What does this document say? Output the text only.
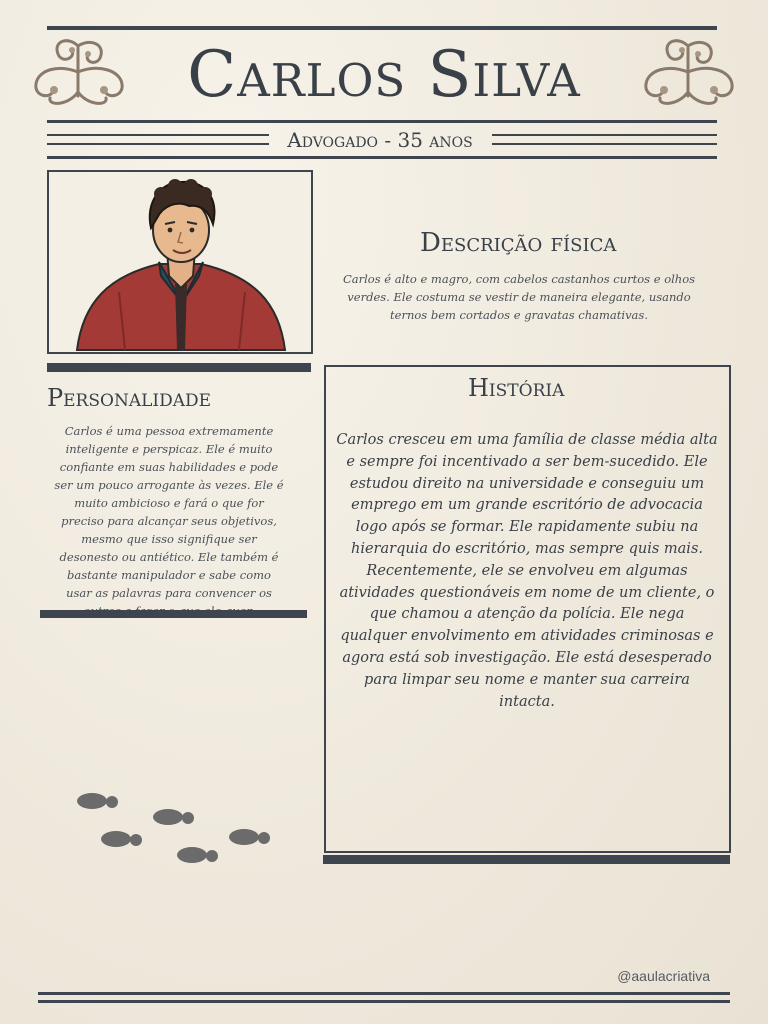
Carlos Silva
Advogado - 35 anos
Descrição física
Carlos é alto e magro, com cabelos castanhos curtos e olhos verdes. Ele costuma se vestir de maneira elegante, usando ternos bem cortados e gravatas chamativas.
Personalidade
Carlos é uma pessoa extremamente inteligente e perspicaz. Ele é muito confiante em suas habilidades e pode ser um pouco arrogante às vezes. Ele é muito ambicioso e fará o que for preciso para alcançar seus objetivos, mesmo que isso signifique ser desonesto ou antiético. Ele também é bastante manipulador e sabe como usar as palavras para convencer os
História
Carlos cresceu em uma família de classe média alta e sempre foi incentivado a ser bem-sucedido. Ele estudou direito na universidade e conseguiu um emprego em um grande escritório de advocacia logo após se formar. Ele rapidamente subiu na hierarquia do escritório, mas sempre quis mais. Recentemente, ele se envolveu em algumas atividades questionáveis em nome de um cliente, o que chamou a atenção da polícia. Ele nega qualquer envolvimento em atividades criminosas e agora está sob investigação. Ele está desesperado para limpar seu nome e manter sua carreira intacta.
@aaulacriativa
